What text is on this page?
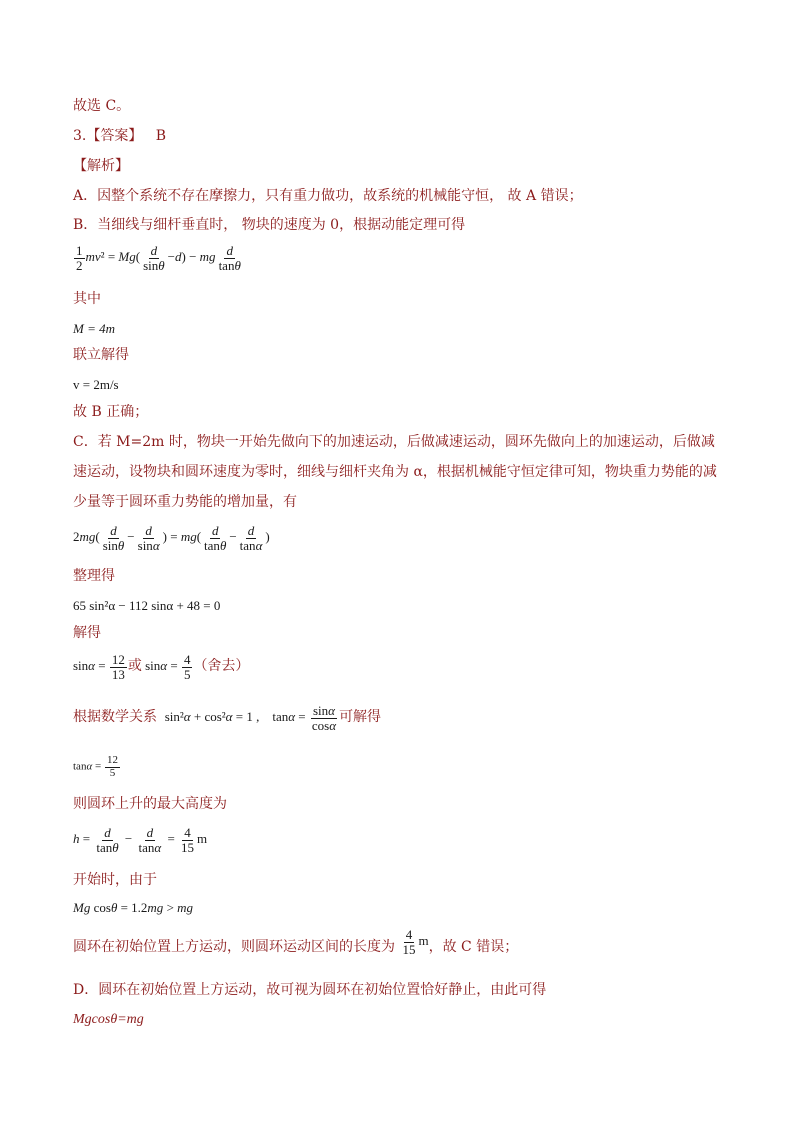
故选 C。
3.【答案】 B
【解析】
A．因整个系统不存在摩擦力，只有重力做功，故系统的机械能守恒， 故 A 错误；
B．当细线与细杆垂直时， 物块的速度为 0，根据动能定理可得
$\frac{1}{2} mv^2 = Mg( \frac{d}{\sin\theta} -d)$ − mg $\frac{d}{\tan\theta}$
其中
M = 4m
联立解得
v = 2m/s
故 B 正确；
C．若 M=2m 时，物块一开始先做向下的加速运动，后做减速运动，圆环先做向上的加速运动，后做减速运动，设物块和圆环速度为零时，细线与细杆夹角为 α，根据机械能守恒定律可知，物块重力势能的减少量等于圆环重力势能的增加量，有
$2mg( \frac{d}{\sin\theta} - \frac{d}{\sin\alpha}$ ) = $mg( \frac{d}{\tan\theta} - \frac{d}{\tan\alpha}$ )
整理得
65 sin²α − 112 sinα + 48 = 0
解得
$\sin\alpha = \frac{12}{13}$ 或 $\sin\alpha = \frac{4}{5}$ （舍去）
根据数学关系  sin²α + cos²α = 1 ,    $\tan\alpha = \frac{\sin\alpha}{\cos\alpha}$ 可解得
$\tan\alpha = \frac{12}{5}$
则圆环上升的最大高度为
$h = \frac{d}{\tan\theta} - \frac{d}{\tan\alpha} = \frac{4}{15}$ m
开始时，由于
Mg cosθ = 1.2mg > mg
圆环在初始位置上方运动，则圆环运动区间的长度为 $\frac{4}{15}$ m，故 C 错误；
D．圆环在初始位置上方运动，故可视为圆环在初始位置恰好静止，由此可得
Mgcosθ=mg
